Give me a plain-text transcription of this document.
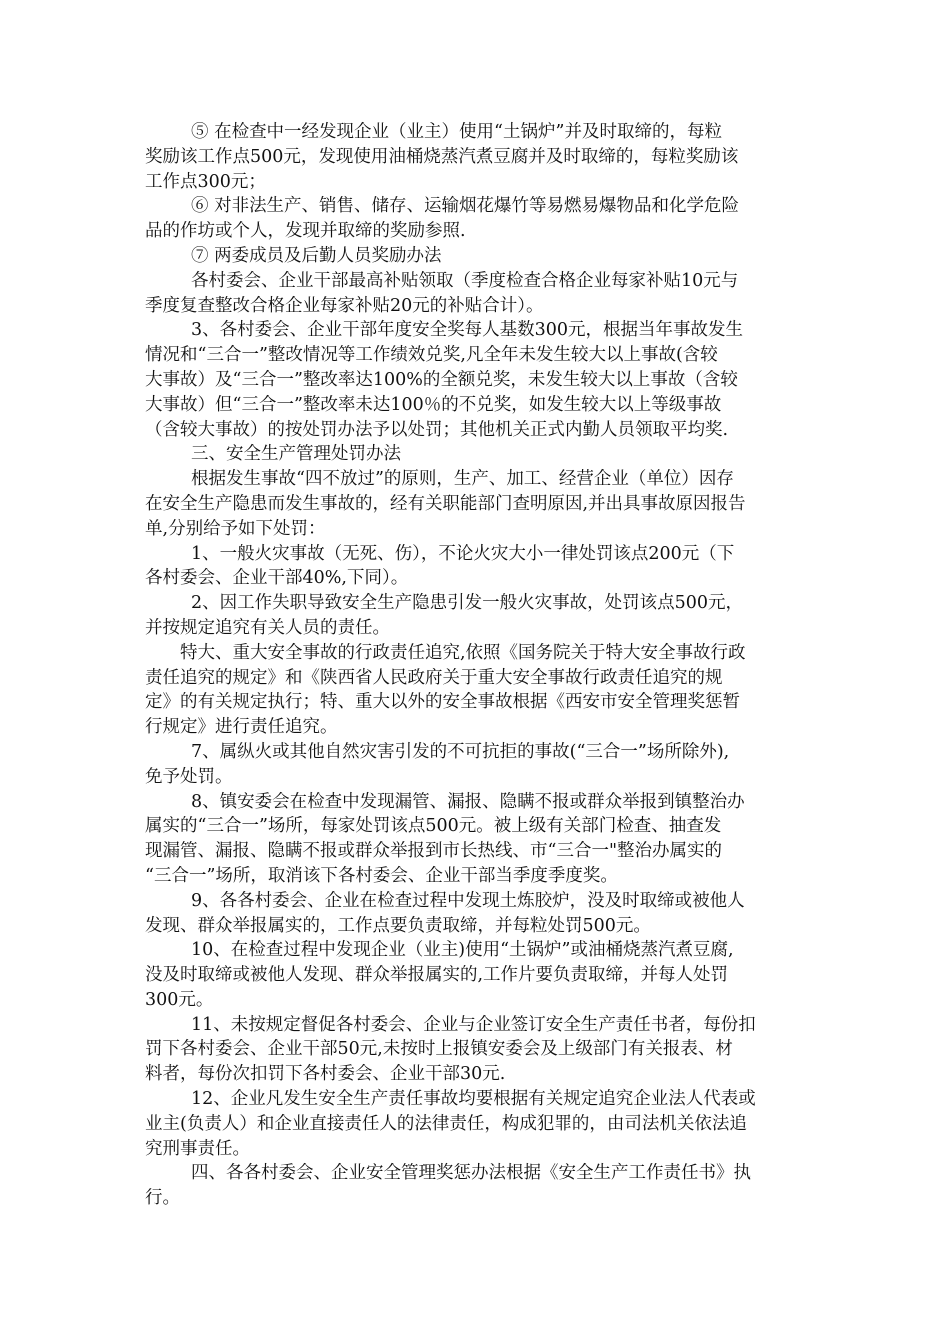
⑤ 在检查中一经发现企业（业主）使用“土锅炉”并及时取缔的，每粒
奖励该工作点500元，发现使用油桶烧蒸汽煮豆腐并及时取缔的，每粒奖励该
工作点300元；
⑥ 对非法生产、销售、储存、运输烟花爆竹等易燃易爆物品和化学危险
品的作坊或个人，发现并取缔的奖励参照.
⑦ 两委成员及后勤人员奖励办法
各村委会、企业干部最高补贴领取（季度检查合格企业每家补贴10元与
季度复查整改合格企业每家补贴20元的补贴合计）。
3、各村委会、企业干部年度安全奖每人基数300元，根据当年事故发生
情况和“三合一”整改情况等工作绩效兑奖,凡全年未发生较大以上事故(含较
大事故）及“三合一”整改率达100%的全额兑奖，未发生较大以上事故（含较
大事故）但“三合一”整改率未达100％的不兑奖，如发生较大以上等级事故
（含较大事故）的按处罚办法予以处罚；其他机关正式内勤人员领取平均奖.
三、安全生产管理处罚办法
根据发生事故“四不放过”的原则，生产、加工、经营企业（单位）因存
在安全生产隐患而发生事故的，经有关职能部门查明原因,并出具事故原因报告
单,分别给予如下处罚：
1、一般火灾事故（无死、伤），不论火灾大小一律处罚该点200元（下
各村委会、企业干部40%,下同）。
2、因工作失职导致安全生产隐患引发一般火灾事故，处罚该点500元，
并按规定追究有关人员的责任。
特大、重大安全事故的行政责任追究,依照《国务院关于特大安全事故行政
责任追究的规定》和《陕西省人民政府关于重大安全事故行政责任追究的规
定》的有关规定执行；特、重大以外的安全事故根据《西安市安全管理奖惩暂
行规定》进行责任追究。
7、属纵火或其他自然灾害引发的不可抗拒的事故(“三合一”场所除外),
免予处罚。
8、镇安委会在检查中发现漏管、漏报、隐瞒不报或群众举报到镇整治办
属实的“三合一”场所，每家处罚该点500元。被上级有关部门检查、抽查发
现漏管、漏报、隐瞒不报或群众举报到市长热线、市“三合一"整治办属实的
“三合一”场所，取消该下各村委会、企业干部当季度季度奖。
9、各各村委会、企业在检查过程中发现土炼胶炉，没及时取缔或被他人
发现、群众举报属实的，工作点要负责取缔，并每粒处罚500元。
10、在检查过程中发现企业（业主)使用“土锅炉”或油桶烧蒸汽煮豆腐,
没及时取缔或被他人发现、群众举报属实的,工作片要负责取缔，并每人处罚
300元。
11、未按规定督促各村委会、企业与企业签订安全生产责任书者，每份扣
罚下各村委会、企业干部50元,未按时上报镇安委会及上级部门有关报表、材
料者，每份次扣罚下各村委会、企业干部30元.
12、企业凡发生安全生产责任事故均要根据有关规定追究企业法人代表或
业主(负责人）和企业直接责任人的法律责任，构成犯罪的，由司法机关依法追
究刑事责任。
四、各各村委会、企业安全管理奖惩办法根据《安全生产工作责任书》执
行。
